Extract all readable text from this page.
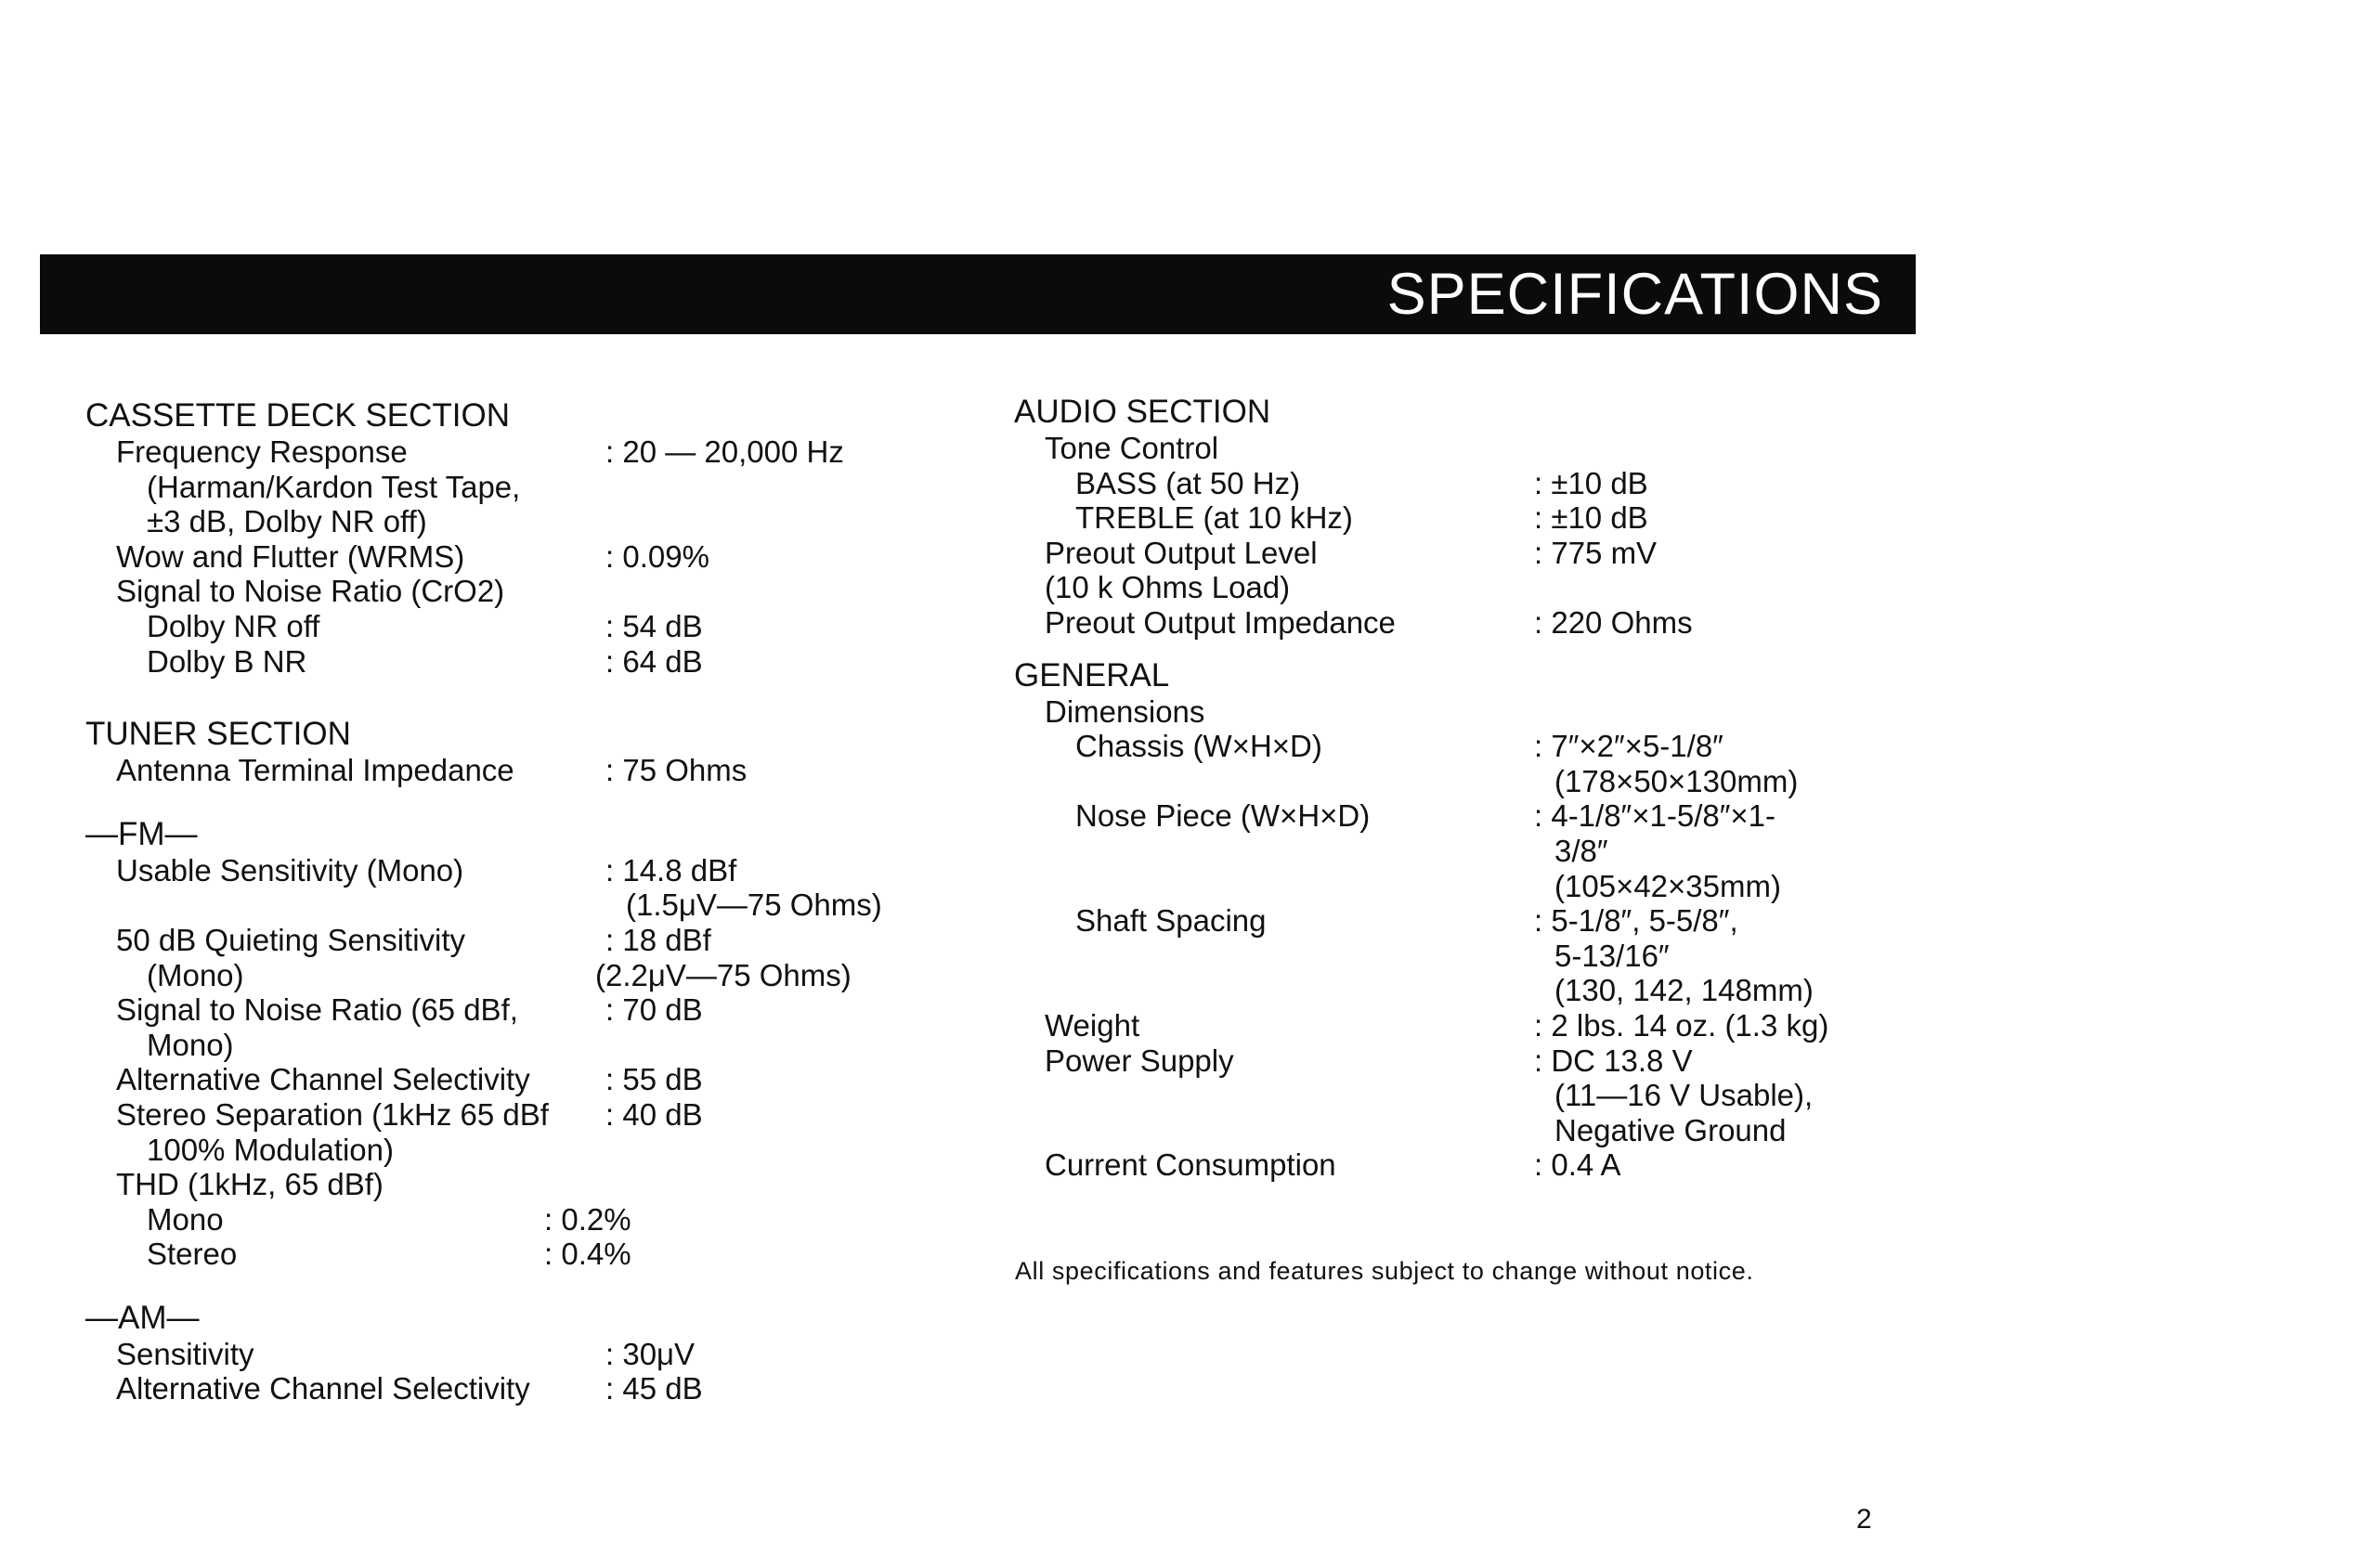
SPECIFICATIONS
CASSETTE DECK SECTION
Frequency Response	: 20 — 20,000 Hz
(Harman/Kardon Test Tape,
±3 dB, Dolby NR off)
Wow and Flutter (WRMS)	: 0.09%
Signal to Noise Ratio (CrO2)
Dolby NR off	: 54 dB
Dolby B NR	: 64 dB
TUNER SECTION
Antenna Terminal Impedance	: 75 Ohms
—FM—
Usable Sensitivity (Mono)	: 14.8 dBf

(1.5μV—75 Ohms)
50 dB Quieting Sensitivity	: 18 dBf
(Mono)	(2.2μV—75 Ohms)
Signal to Noise Ratio (65 dBf,	: 70 dB
Mono)
Alternative Channel Selectivity : 55 dB
Stereo Separation (1kHz 65 dBf : 40 dB
100% Modulation)
THD (1kHz, 65 dBf)
Mono	: 0.2%
Stereo	: 0.4%
—AM—
Sensitivity	: 30μV
Alternative Channel Selectivity : 45 dB
AUDIO SECTION
Tone Control
BASS (at 50 Hz)	: ±10 dB
TREBLE (at 10 kHz)	: ±10 dB
Preout Output Level	: 775 mV
(10 k Ohms Load)
Preout Output Impedance	: 220 Ohms
GENERAL
Dimensions
Chassis (W×H×D)	: 7″×2″×5-1/8″

(178×50×130mm)
Nose Piece (W×H×D)	: 4-1/8″×1-5/8″×1-

3/8″

(105×42×35mm)
Shaft Spacing	: 5-1/8″, 5-5/8″,

5-13/16″

(130, 142, 148mm)
Weight	: 2 lbs. 14 oz. (1.3 kg)
Power Supply	: DC 13.8 V

(11—16 V Usable),

Negative Ground
Current Consumption	: 0.4 A
All specifications and features subject to change without notice.
2
